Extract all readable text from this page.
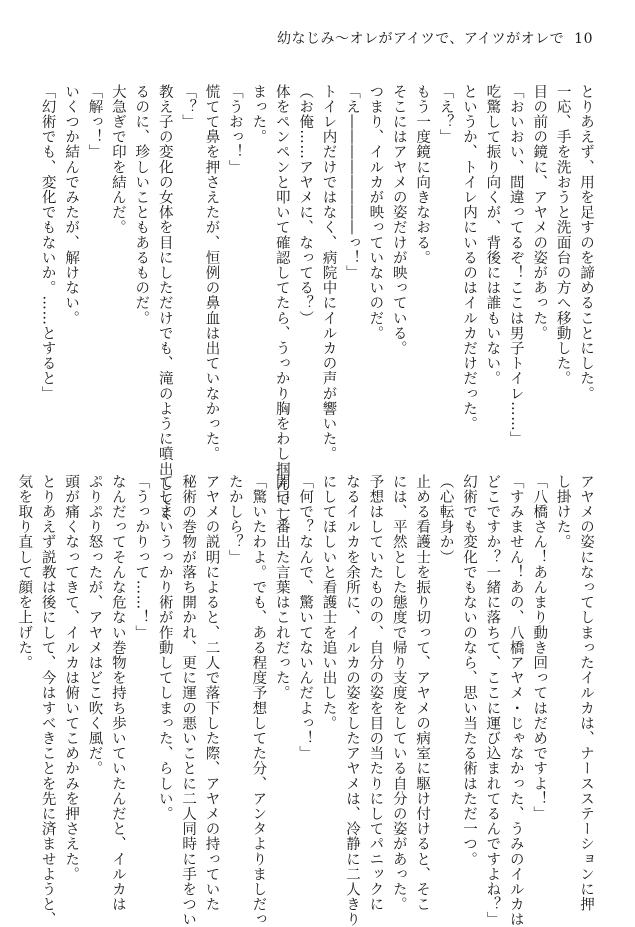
幼なじみ〜オレがアイツで、アイツがオレで 10
とりあえず、用を足すのを諦めることにした。
一応、手を洗おうと洗面台の方へ移動した。
目の前の鏡に、アヤメの姿があった。
「おいおい、間違ってるぞ！ここは男子トイレ……」
吃驚して振り向くが、背後には誰もいない。
というか、トイレ内にいるのはイルカだけだった。
「え？」
もう一度鏡に向きなおる。
そこにはアヤメの姿だけが映っている。
つまり、イルカが映っていないのだ。
「え――――――――っ！」
トイレ内だけではなく、病院中にイルカの声が響いた。
（お俺……アヤメに、なってる？）
体をペンペンと叩いて確認してたら、うっかり胸をわし掴んでし
まった。
「うおっ！」
慌てて鼻を押さえたが、恒例の鼻血は出ていなかった。
「？」
教え子の変化の女体を目にしただけでも、滝のように噴出してく
るのに、珍しいこともあるものだ。
大急ぎで印を結んだ。
「解っ！」
いくつか結んでみたが、解けない。
「幻術でも、変化でもないか。……とすると」
アヤメの姿になってしまったイルカは、ナースステーションに押
し掛けた。
「八橋さん！あんまり動き回ってはだめですよ！」
「すみません！あの、八橋アヤメ・じゃなかった、うみのイルカは
どこですか？一緒に落ちて、ここに運び込まれてるんですよね？」
幻術でも変化でもないのなら、思い当たる術はただ一つ。
（心転身か）
止める看護士を振り切って、アヤメの病室に駆け付けると、そこ
には、平然とした態度で帰り支度をしている自分の姿があった。
予想はしていたものの、自分の姿を目の当たりにしてパニックに
なるイルカを余所に、イルカの姿をしたアヤメは、冷静に二人きり
にしてほしいと看護士を追い出した。
「何で？なんで、驚いてないんだよっ！」
開口一番出た言葉はこれだった。
「驚いたわよ。でも、ある程度予想してた分、アンタよりましだっ
たかしら？」
アヤメの説明によると、二人で落下した際、アヤメの持っていた
秘術の巻物が落ち開かれ、更に運の悪いことに二人同時に手をつい
てしまいうっかり術が作動してしまった、らしい。
「うっかりって……！」
なんだってそんな危ない巻物を持ち歩いていたんだと、イルカは
ぷりぷり怒ったが、アヤメはどこ吹く風だ。
頭が痛くなってきて、イルカは俯いてこめかみを押さえた。
とりあえず説教は後にして、今はすべきことを先に済ませようと、
気を取り直して顔を上げた。
